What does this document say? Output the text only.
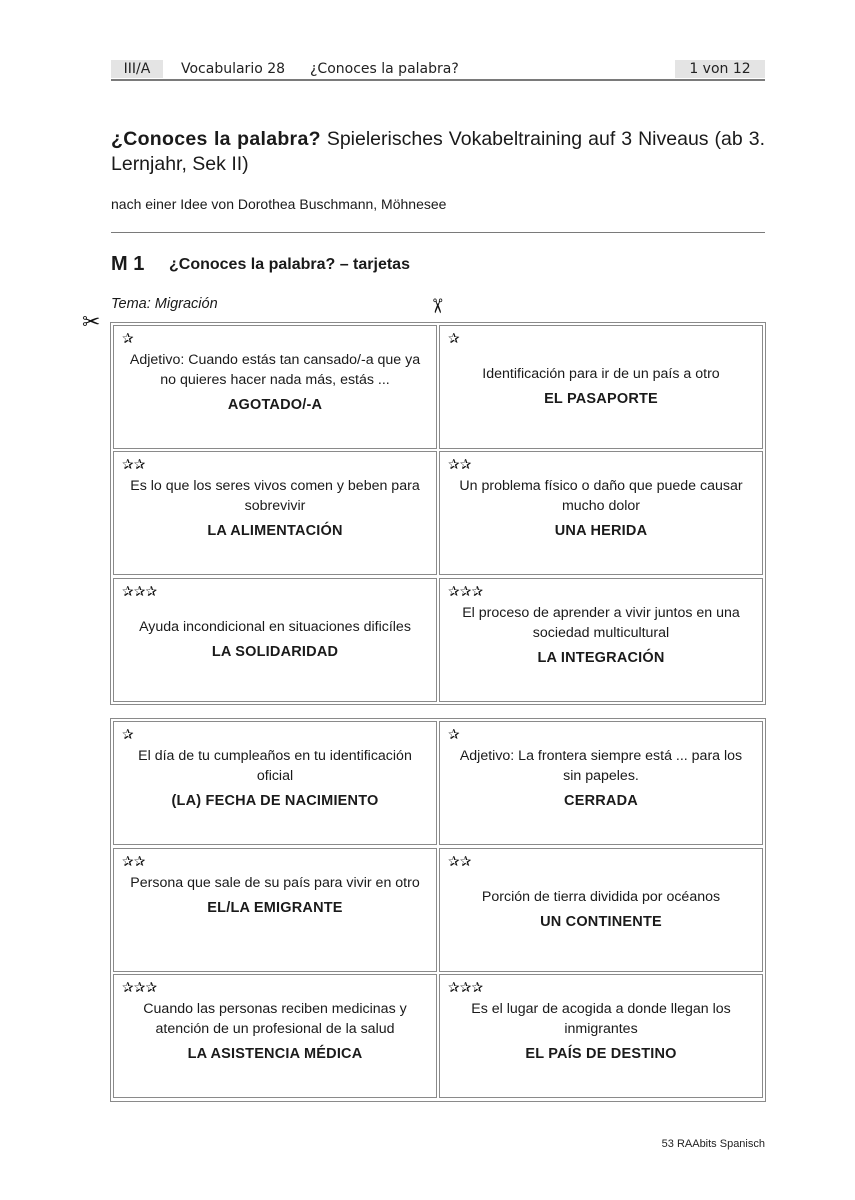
III/A	Vocabulario 28 ¿Conoces la palabra?	1 von 12
¿Conoces la palabra? Spielerisches Vokabeltraining auf 3 Niveaus (ab 3. Lernjahr, Sek II)
nach einer Idee von Dorothea Buschmann, Möhnesee
M 1 ¿Conoces la palabra? – tarjetas
Tema: Migración
✂
✂
✰
Adjetivo: Cuando estás tan cansado/-a que ya no quieres hacer nada más, estás ...
AGOTADO/-A
✰
Identificación para ir de un país a otro
EL PASAPORTE
✰✰
Es lo que los seres vivos comen y beben para sobrevivir
LA ALIMENTACIÓN
✰✰
Un problema físico o daño que puede causar mucho dolor
UNA HERIDA
✰✰✰
Ayuda incondicional en situaciones dificíles
LA SOLIDARIDAD
✰✰✰
El proceso de aprender a vivir juntos en una sociedad multicultural
LA INTEGRACIÓN
✰
El día de tu cumpleaños en tu identificación oficial
(LA) FECHA DE NACIMIENTO
✰
Adjetivo: La frontera siempre está ... para los sin papeles.
CERRADA
✰✰
Persona que sale de su país para vivir en otro
EL/LA EMIGRANTE
✰✰
Porción de tierra dividida por océanos
UN CONTINENTE
✰✰✰
Cuando las personas reciben medicinas y atención de un profesional de la salud
LA ASISTENCIA MÉDICA
✰✰✰
Es el lugar de acogida a donde llegan los inmigrantes
EL PAÍS DE DESTINO
53 RAAbits Spanisch
